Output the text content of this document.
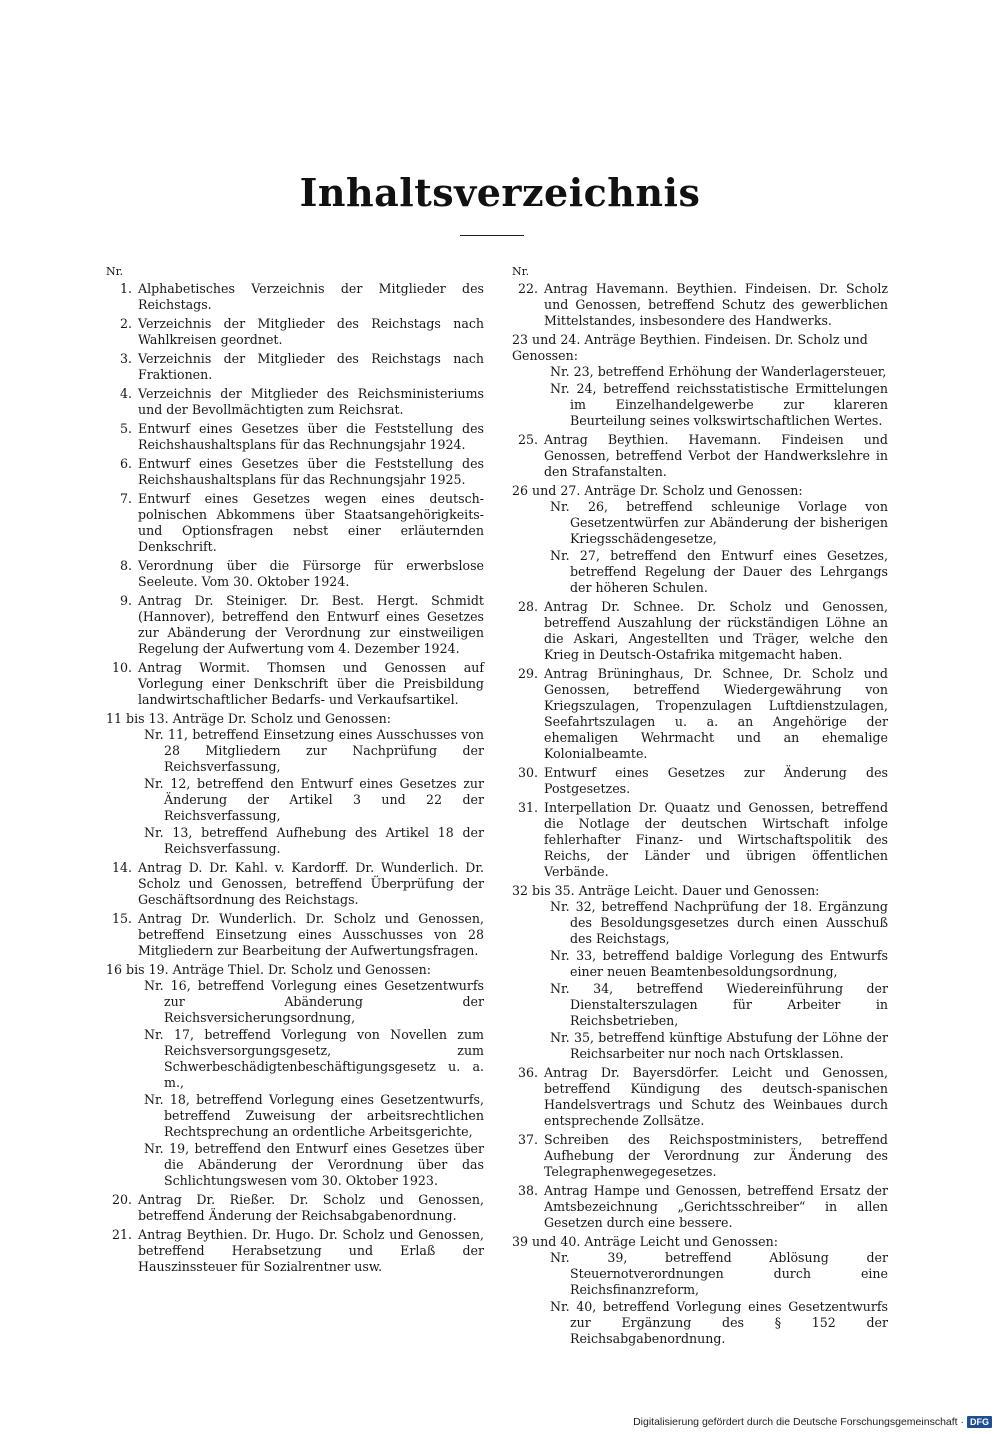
Inhaltsverzeichnis
Nr.
1. Alphabetisches Verzeichnis der Mitglieder des Reichstags.
2. Verzeichnis der Mitglieder des Reichstags nach Wahlkreisen geordnet.
3. Verzeichnis der Mitglieder des Reichstags nach Fraktionen.
4. Verzeichnis der Mitglieder des Reichsministeriums und der Bevollmächtigten zum Reichsrat.
5. Entwurf eines Gesetzes über die Feststellung des Reichshaushaltsplans für das Rechnungsjahr 1924.
6. Entwurf eines Gesetzes über die Feststellung des Reichshaushaltsplans für das Rechnungsjahr 1925.
7. Entwurf eines Gesetzes wegen eines deutsch-polnischen Abkommens über Staatsangehörigkeits- und Optionsfragen nebst einer erläuternden Denkschrift.
8. Verordnung über die Fürsorge für erwerbslose Seeleute. Vom 30. Oktober 1924.
9. Antrag Dr. Steiniger. Dr. Best. Hergt. Schmidt (Hannover), betreffend den Entwurf eines Gesetzes zur Abänderung der Verordnung zur einstweiligen Regelung der Aufwertung vom 4. Dezember 1924.
10. Antrag Wormit. Thomsen und Genossen auf Vorlegung einer Denkschrift über die Preisbildung landwirtschaftlicher Bedarfs- und Verkaufsartikel.
11 bis 13. Anträge Dr. Scholz und Genossen:
Nr. 11, betreffend Einsetzung eines Ausschusses von 28 Mitgliedern zur Nachprüfung der Reichsverfassung,
Nr. 12, betreffend den Entwurf eines Gesetzes zur Änderung der Artikel 3 und 22 der Reichsverfassung,
Nr. 13, betreffend Aufhebung des Artikel 18 der Reichsverfassung.
14. Antrag D. Dr. Kahl. v. Kardorff. Dr. Wunderlich. Dr. Scholz und Genossen, betreffend Überprüfung der Geschäftsordnung des Reichstags.
15. Antrag Dr. Wunderlich. Dr. Scholz und Genossen, betreffend Einsetzung eines Ausschusses von 28 Mitgliedern zur Bearbeitung der Aufwertungsfragen.
16 bis 19. Anträge Thiel. Dr. Scholz und Genossen:
Nr. 16, betreffend Vorlegung eines Gesetzentwurfs zur Abänderung der Reichsversicherungsordnung,
Nr. 17, betreffend Vorlegung von Novellen zum Reichsversorgungsgesetz, zum Schwerbeschädigtenbeschäftigungsgesetz u. a. m.,
Nr. 18, betreffend Vorlegung eines Gesetzentwurfs, betreffend Zuweisung der arbeitsrechtlichen Rechtsprechung an ordentliche Arbeitsgerichte,
Nr. 19, betreffend den Entwurf eines Gesetzes über die Abänderung der Verordnung über das Schlichtungswesen vom 30. Oktober 1923.
20. Antrag Dr. Rießer. Dr. Scholz und Genossen, betreffend Änderung der Reichsabgabenordnung.
21. Antrag Beythien. Dr. Hugo. Dr. Scholz und Genossen, betreffend Herabsetzung und Erlaß der Hauszinssteuer für Sozialrentner usw.
Nr.
22. Antrag Havemann. Beythien. Findeisen. Dr. Scholz und Genossen, betreffend Schutz des gewerblichen Mittelstandes, insbesondere des Handwerks.
23 und 24. Anträge Beythien. Findeisen. Dr. Scholz und Genossen:
Nr. 23, betreffend Erhöhung der Wanderlagersteuer,
Nr. 24, betreffend reichsstatistische Ermittelungen im Einzelhandelgewerbe zur klareren Beurteilung seines volkswirtschaftlichen Wertes.
25. Antrag Beythien. Havemann. Findeisen und Genossen, betreffend Verbot der Handwerkslehre in den Strafanstalten.
26 und 27. Anträge Dr. Scholz und Genossen:
Nr. 26, betreffend schleunige Vorlage von Gesetzentwürfen zur Abänderung der bisherigen Kriegsschädengesetze,
Nr. 27, betreffend den Entwurf eines Gesetzes, betreffend Regelung der Dauer des Lehrgangs der höheren Schulen.
28. Antrag Dr. Schnee. Dr. Scholz und Genossen, betreffend Auszahlung der rückständigen Löhne an die Askari, Angestellten und Träger, welche den Krieg in Deutsch-Ostafrika mitgemacht haben.
29. Antrag Brüninghaus, Dr. Schnee, Dr. Scholz und Genossen, betreffend Wiedergewährung von Kriegszulagen, Tropenzulagen Luftdienstzulagen, Seefahrtszulagen u. a. an Angehörige der ehemaligen Wehrmacht und an ehemalige Kolonialbeamte.
30. Entwurf eines Gesetzes zur Änderung des Postgesetzes.
31. Interpellation Dr. Quaatz und Genossen, betreffend die Notlage der deutschen Wirtschaft infolge fehlerhafter Finanz- und Wirtschaftspolitik des Reichs, der Länder und übrigen öffentlichen Verbände.
32 bis 35. Anträge Leicht. Dauer und Genossen:
Nr. 32, betreffend Nachprüfung der 18. Ergänzung des Besoldungsgesetzes durch einen Ausschuß des Reichstags,
Nr. 33, betreffend baldige Vorlegung des Entwurfs einer neuen Beamtenbesoldungsordnung,
Nr. 34, betreffend Wiedereinführung der Dienstalterszulagen für Arbeiter in Reichsbetrieben,
Nr. 35, betreffend künftige Abstufung der Löhne der Reichsarbeiter nur noch nach Ortsklassen.
36. Antrag Dr. Bayersdörfer. Leicht und Genossen, betreffend Kündigung des deutsch-spanischen Handelsvertrags und Schutz des Weinbaues durch entsprechende Zollsätze.
37. Schreiben des Reichspostministers, betreffend Aufhebung der Verordnung zur Änderung des Telegraphenwegegesetzes.
38. Antrag Hampe und Genossen, betreffend Ersatz der Amtsbezeichnung „Gerichtsschreiber“ in allen Gesetzen durch eine bessere.
39 und 40. Anträge Leicht und Genossen:
Nr. 39, betreffend Ablösung der Steuernotverordnungen durch eine Reichsfinanzreform,
Nr. 40, betreffend Vorlegung eines Gesetzentwurfs zur Ergänzung des § 152 der Reichsabgabenordnung.
Digitalisierung gefördert durch die Deutsche Forschungsgemeinschaft · DFG
